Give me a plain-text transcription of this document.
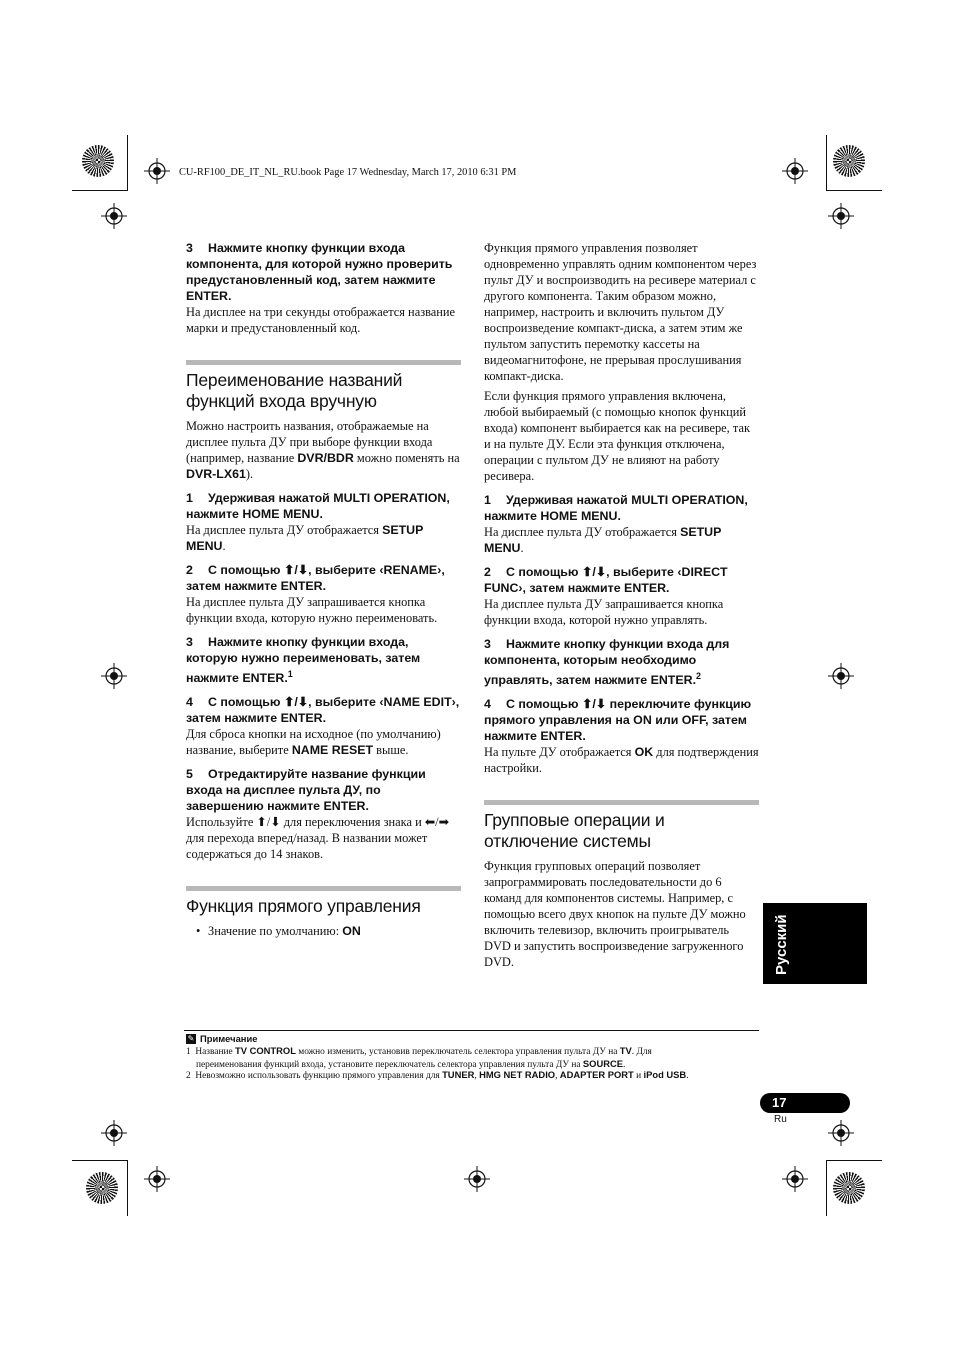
CU-RF100_DE_IT_NL_RU.book Page 17 Wednesday, March 17, 2010 6:31 PM

3 Нажмите кнопку функции входа компонента, для которой нужно проверить предустановленный код, затем нажмите ENTER.

На дисплее на три секунды отображается название марки и предустановленный код.

Переименование названий функций входа вручную

Можно настроить названия, отображаемые на дисплее пульта ДУ при выборе функции входа (например, название DVR/BDR можно поменять на DVR-LX61).

1 Удерживая нажатой MULTI OPERATION, нажмите HOME MENU.

На дисплее пульта ДУ отображается SETUP MENU.

2 С помощью ⬆/⬇, выберите ‹RENAME›, затем нажмите ENTER.

На дисплее пульта ДУ запрашивается кнопка функции входа, которую нужно переименовать.

3 Нажмите кнопку функции входа, которую нужно переименовать, затем нажмите ENTER.$^1$

4 С помощью ⬆/⬇, выберите ‹NAME EDIT›, затем нажмите ENTER.

Для сброса кнопки на исходное (по умолчанию) название, выберите NAME RESET выше.

5 Отредактируйте название функции входа на дисплее пульта ДУ, по завершению нажмите ENTER.

Используйте ⬆/⬇ для переключения знака и ⬅/➡ для перехода вперед/назад. В названии может содержаться до 14 знаков.

Функция прямого управления

• Значение по умолчанию: ON

Функция прямого управления позволяет одновременно управлять одним компонентом через пульт ДУ и воспроизводить на ресивере материал с другого компонента. Таким образом можно, например, настроить и включить пультом ДУ воспроизведение компакт-диска, а затем этим же пультом запустить перемотку кассеты на видеомагнитофоне, не прерывая прослушивания компакт-диска.

Если функция прямого управления включена, любой выбираемый (с помощью кнопок функций входа) компонент выбирается как на ресивере, так и на пульте ДУ. Если эта функция отключена, операции с пультом ДУ не влияют на работу ресивера.

1 Удерживая нажатой MULTI OPERATION, нажмите HOME MENU.

На дисплее пульта ДУ отображается SETUP MENU.

2 С помощью ⬆/⬇, выберите ‹DIRECT FUNC›, затем нажмите ENTER.

На дисплее пульта ДУ запрашивается кнопка функции входа, которой нужно управлять.

3 Нажмите кнопку функции входа для компонента, которым необходимо управлять, затем нажмите ENTER.$^2$

4 С помощью ⬆/⬇ переключите функцию прямого управления на ON или OFF, затем нажмите ENTER.

На пульте ДУ отображается OK для подтверждения настройки.

Групповые операции и отключение системы

Функция групповых операций позволяет запрограммировать последовательности до 6 команд для компонентов системы. Например, с помощью всего двух кнопок на пульте ДУ можно включить телевизор, включить проигрыватель DVD и запустить воспроизведение загруженного DVD.	Русский
✎ Примечание
1 Название TV CONTROL можно изменить, установив переключатель селектора управления пульта ДУ на TV. Для
переименования функций входа, установите переключатель селектора управления пульта ДУ на SOURCE.
2 Невозможно использовать функцию прямого управления для TUNER, HMG NET RADIO, ADAPTER PORT и iPod USB.
17
Ru
